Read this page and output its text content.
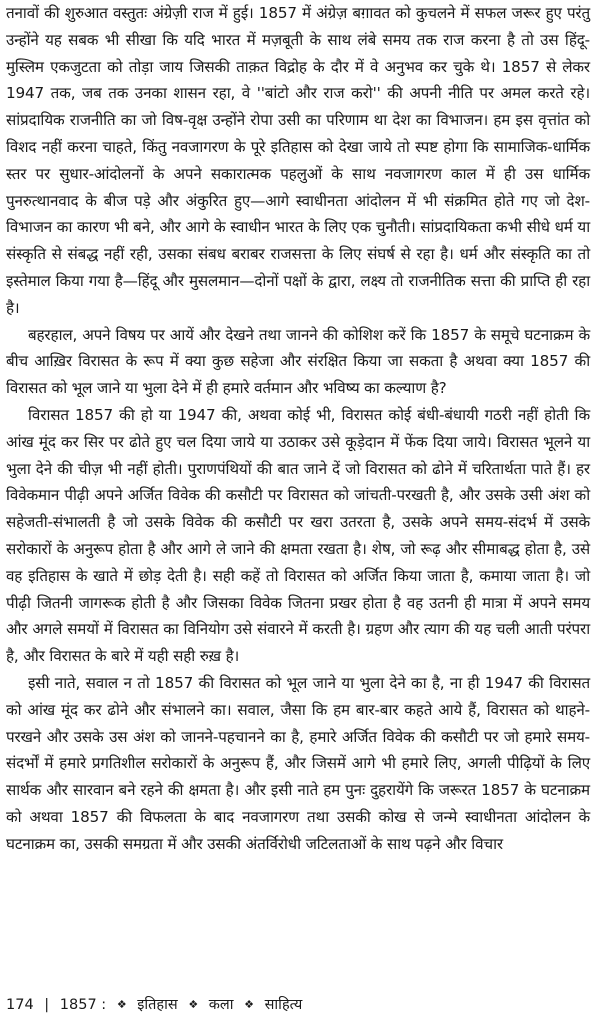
तनावों की शुरुआत वस्तुतः अंग्रेज़ी राज में हुई। 1857 में अंग्रेज़ बग़ावत को कुचलने में सफल जरूर हुए परंतु उन्होंने यह सबक भी सीखा कि यदि भारत में मज़बूती के साथ लंबे समय तक राज करना है तो उस हिंदू-मुस्लिम एकजुटता को तोड़ा जाय जिसकी ताक़त विद्रोह के दौर में वे अनुभव कर चुके थे। 1857 से लेकर 1947 तक, जब तक उनका शासन रहा, वे ''बांटो और राज करो'' की अपनी नीति पर अमल करते रहे। सांप्रदायिक राजनीति का जो विष-वृक्ष उन्होंने रोपा उसी का परिणाम था देश का विभाजन। हम इस वृत्तांत को विशद नहीं करना चाहते, किंतु नवजागरण के पूरे इतिहास को देखा जाये तो स्पष्ट होगा कि सामाजिक-धार्मिक स्तर पर सुधार-आंदोलनों के अपने सकारात्मक पहलुओं के साथ नवजागरण काल में ही उस धार्मिक पुनरुत्थानवाद के बीज पड़े और अंकुरित हुए—आगे स्वाधीनता आंदोलन में भी संक्रमित होते गए जो देश-विभाजन का कारण भी बने, और आगे के स्वाधीन भारत के लिए एक चुनौती। सांप्रदायिकता कभी सीधे धर्म या संस्कृति से संबद्ध नहीं रही, उसका संबध बराबर राजसत्ता के लिए संघर्ष से रहा है। धर्म और संस्कृति का तो इस्तेमाल किया गया है—हिंदू और मुसलमान—दोनों पक्षों के द्वारा, लक्ष्य तो राजनीतिक सत्ता की प्राप्ति ही रहा है।

बहरहाल, अपने विषय पर आयें और देखने तथा जानने की कोशिश करें कि 1857 के समूचे घटनाक्रम के बीच आख़िर विरासत के रूप में क्या कुछ सहेजा और संरक्षित किया जा सकता है अथवा क्या 1857 की विरासत को भूल जाने या भुला देने में ही हमारे वर्तमान और भविष्य का कल्याण है?

विरासत 1857 की हो या 1947 की, अथवा कोई भी, विरासत कोई बंधी-बंधायी गठरी नहीं होती कि आंख मूंद कर सिर पर ढोते हुए चल दिया जाये या उठाकर उसे कूड़ेदान में फेंक दिया जाये। विरासत भूलने या भुला देने की चीज़ भी नहीं होती। पुराणपंथियों की बात जाने दें जो विरासत को ढोने में चरितार्थता पाते हैं। हर विवेकमान पीढ़ी अपने अर्जित विवेक की कसौटी पर विरासत को जांचती-परखती है, और उसके उसी अंश को सहेजती-संभालती है जो उसके विवेक की कसौटी पर खरा उतरता है, उसके अपने समय-संदर्भ में उसके सरोकारों के अनुरूप होता है और आगे ले जाने की क्षमता रखता है। शेष, जो रूढ़ और सीमाबद्ध होता है, उसे वह इतिहास के खाते में छोड़ देती है। सही कहें तो विरासत को अर्जित किया जाता है, कमाया जाता है। जो पीढ़ी जितनी जागरूक होती है और जिसका विवेक जितना प्रखर होता है वह उतनी ही मात्रा में अपने समय और अगले समयों में विरासत का विनियोग उसे संवारने में करती है। ग्रहण और त्याग की यह चली आती परंपरा है, और विरासत के बारे में यही सही रुख़ है।

इसी नाते, सवाल न तो 1857 की विरासत को भूल जाने या भुला देने का है, ना ही 1947 की विरासत को आंख मूंद कर ढोने और संभालने का। सवाल, जैसा कि हम बार-बार कहते आये हैं, विरासत को थाहने-परखने और उसके उस अंश को जानने-पहचानने का है, हमारे अर्जित विवेक की कसौटी पर जो हमारे समय-संदर्भों में हमारे प्रगतिशील सरोकारों के अनुरूप हैं, और जिसमें आगे भी हमारे लिए, अगली पीढ़ियों के लिए सार्थक और सारवान बने रहने की क्षमता है। और इसी नाते हम पुनः दुहरायेंगे कि जरूरत 1857 के घटनाक्रम को अथवा 1857 की विफलता के बाद नवजागरण तथा उसकी कोख से जन्मे स्वाधीनता आंदोलन के घटनाक्रम का, उसकी समग्रता में और उसकी अंतर्विरोधी जटिलताओं के साथ पढ़ने और विचार

174 | 1857 : ❖ इतिहास ❖ कला ❖ साहित्य
